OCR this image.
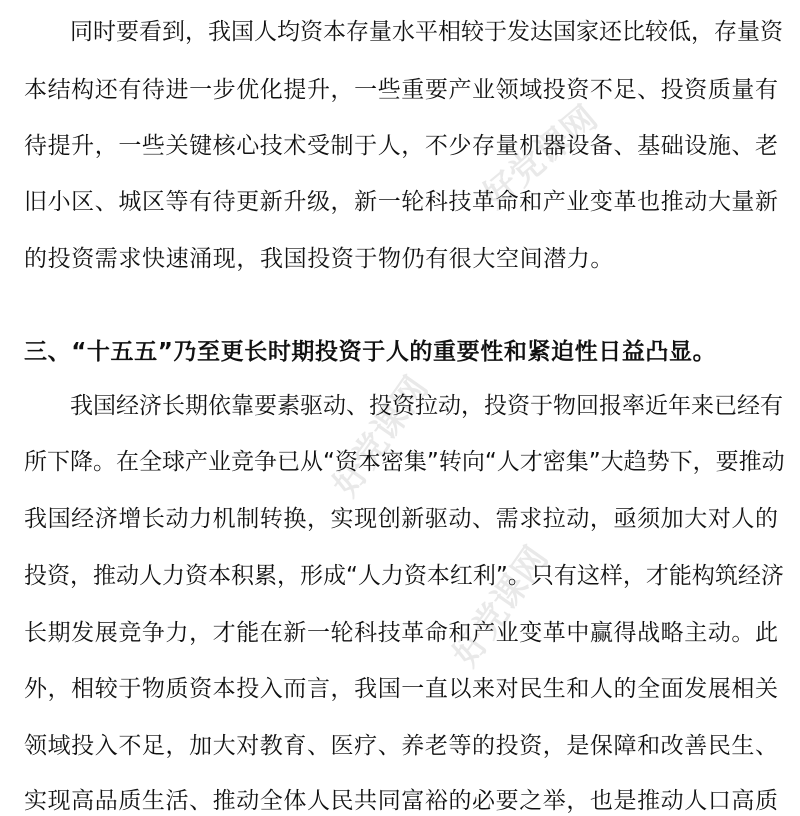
好党课网
好党课网
好党课网
同时要看到，我国人均资本存量水平相较于发达国家还比较低，存量资
本结构还有待进一步优化提升，一些重要产业领域投资不足、投资质量有
待提升，一些关键核心技术受制于人，不少存量机器设备、基础设施、老
旧小区、城区等有待更新升级，新一轮科技革命和产业变革也推动大量新
的投资需求快速涌现，我国投资于物仍有很大空间潜力。
三、“十五五”乃至更长时期投资于人的重要性和紧迫性日益凸显。
我国经济长期依靠要素驱动、投资拉动，投资于物回报率近年来已经有
所下降。在全球产业竞争已从“资本密集”转向“人才密集”大趋势下，要推动
我国经济增长动力机制转换，实现创新驱动、需求拉动，亟须加大对人的
投资，推动人力资本积累，形成“人力资本红利”。只有这样，才能构筑经济
长期发展竞争力，才能在新一轮科技革命和产业变革中赢得战略主动。此
外，相较于物质资本投入而言，我国一直以来对民生和人的全面发展相关
领域投入不足，加大对教育、医疗、养老等的投资，是保障和改善民生、
实现高品质生活、推动全体人民共同富裕的必要之举，也是推动人口高质
